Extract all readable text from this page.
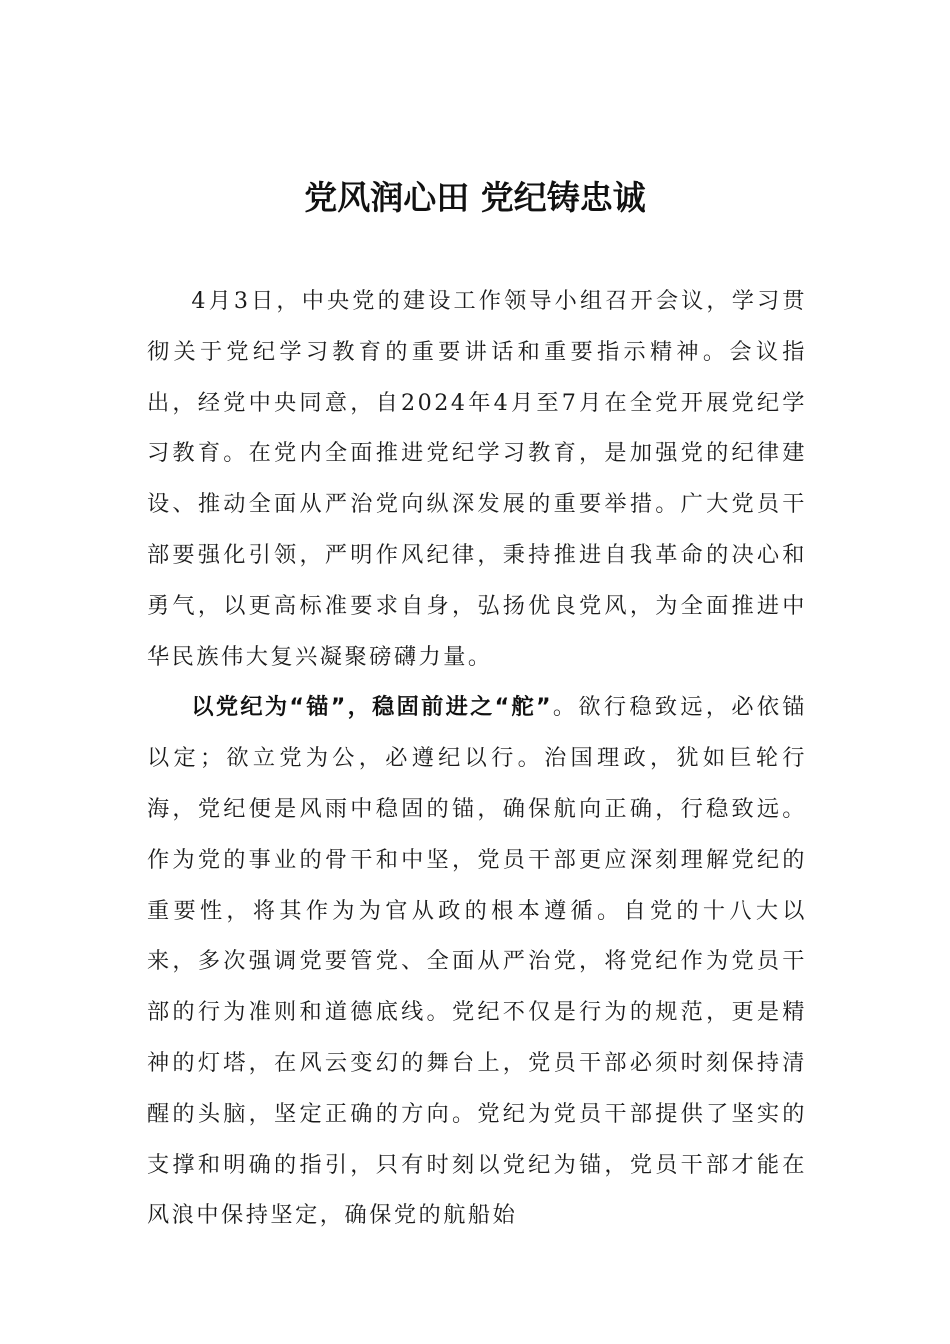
党风润心田 党纪铸忠诚

4月3日，中央党的建设工作领导小组召开会议，学习贯彻关于党纪学习教育的重要讲话和重要指示精神。会议指出，经党中央同意，自2024年4月至7月在全党开展党纪学习教育。在党内全面推进党纪学习教育，是加强党的纪律建设、推动全面从严治党向纵深发展的重要举措。广大党员干部要强化引领，严明作风纪律，秉持推进自我革命的决心和勇气，以更高标准要求自身，弘扬优良党风，为全面推进中华民族伟大复兴凝聚磅礴力量。

以党纪为“锚”，稳固前进之“舵”。欲行稳致远，必依锚以定；欲立党为公，必遵纪以行。治国理政，犹如巨轮行海，党纪便是风雨中稳固的锚，确保航向正确，行稳致远。作为党的事业的骨干和中坚，党员干部更应深刻理解党纪的重要性，将其作为为官从政的根本遵循。自党的十八大以来，多次强调党要管党、全面从严治党，将党纪作为党员干部的行为准则和道德底线。党纪不仅是行为的规范，更是精神的灯塔，在风云变幻的舞台上，党员干部必须时刻保持清醒的头脑，坚定正确的方向。党纪为党员干部提供了坚实的支撑和明确的指引，只有时刻以党纪为锚，党员干部才能在风浪中保持坚定，确保党的航船始
